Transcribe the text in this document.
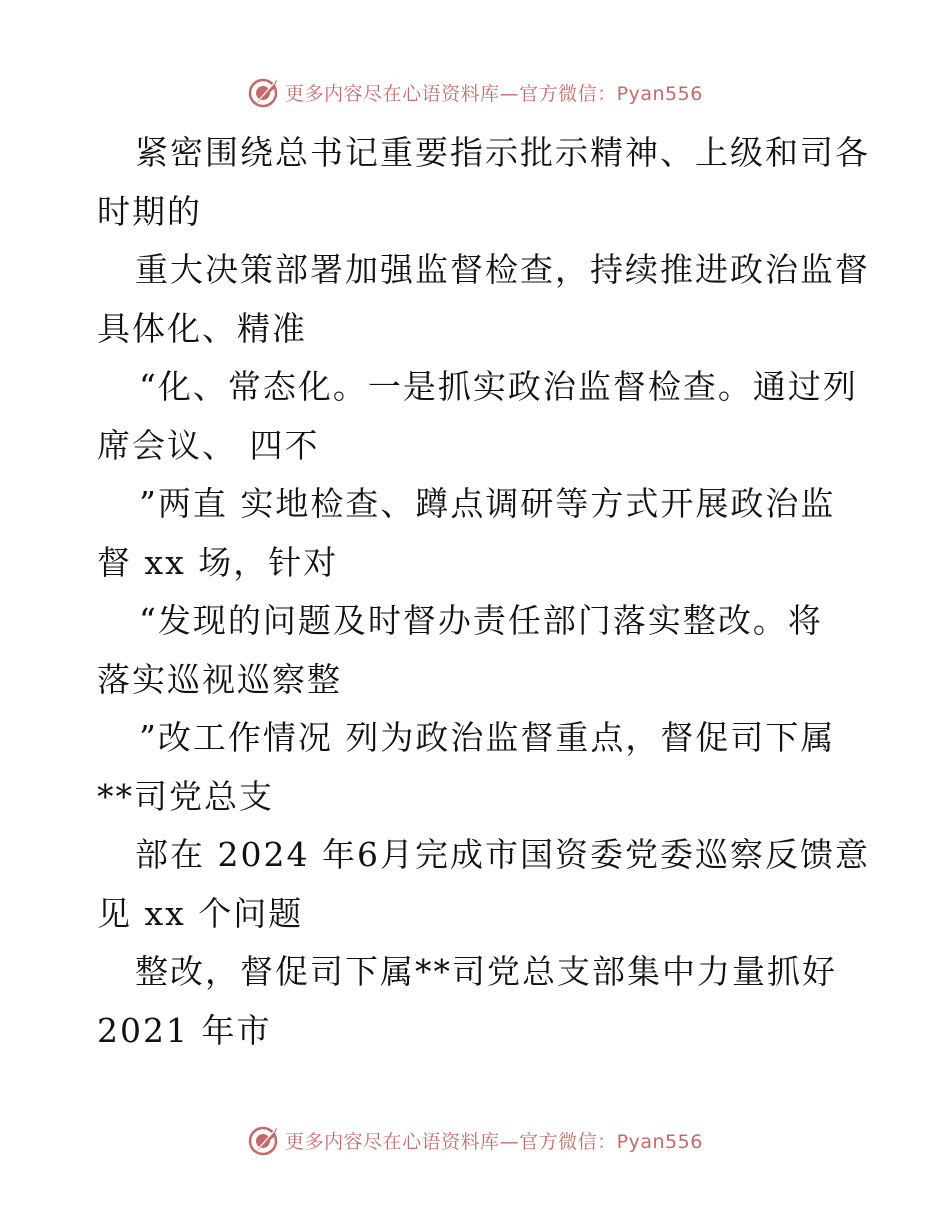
更多内容尽在心语资料库—官方微信：Pyan556
紧密围绕总书记重要指示批示精神、上级和司各
时期的
重大决策部署加强监督检查，持续推进政治监督
具体化、精准
“化、常态化。一是抓实政治监督检查。通过列
席会议、 四不
”两直 实地检查、蹲点调研等方式开展政治监
督 xx 场，针对
“发现的问题及时督办责任部门落实整改。将
落实巡视巡察整
”改工作情况 列为政治监督重点，督促司下属
**司党总支
部在 2024 年6月完成市国资委党委巡察反馈意
见 xx 个问题
整改，督促司下属**司党总支部集中力量抓好
2021 年市
更多内容尽在心语资料库—官方微信：Pyan556
